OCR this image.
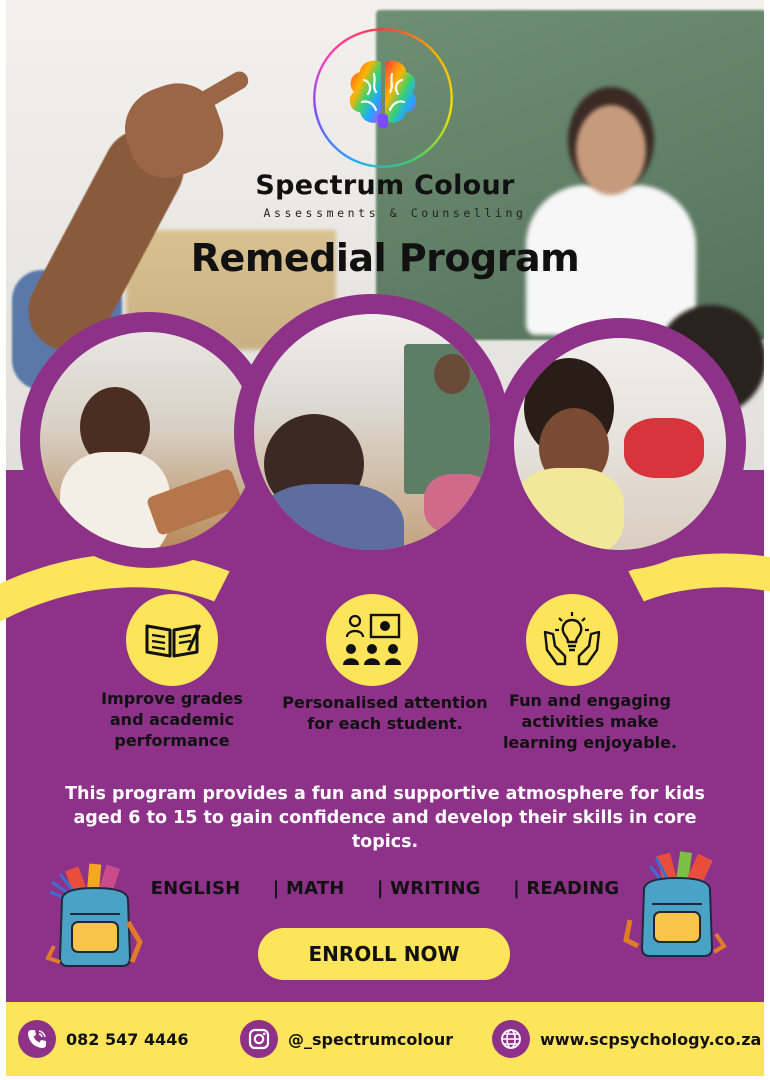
Spectrum Colour
Assessments & Counselling
Remedial Program
Improve grades and academic performance
Personalised attention for each student.
Fun and engaging activities make learning enjoyable.
This program provides a fun and supportive atmosphere for kids aged 6 to 15 to gain confidence and develop their skills in core topics.
ENGLISH | MATH | WRITING | READING
ENROLL NOW
082 547 4446	@_spectrumcolour	www.scpsychology.co.za
